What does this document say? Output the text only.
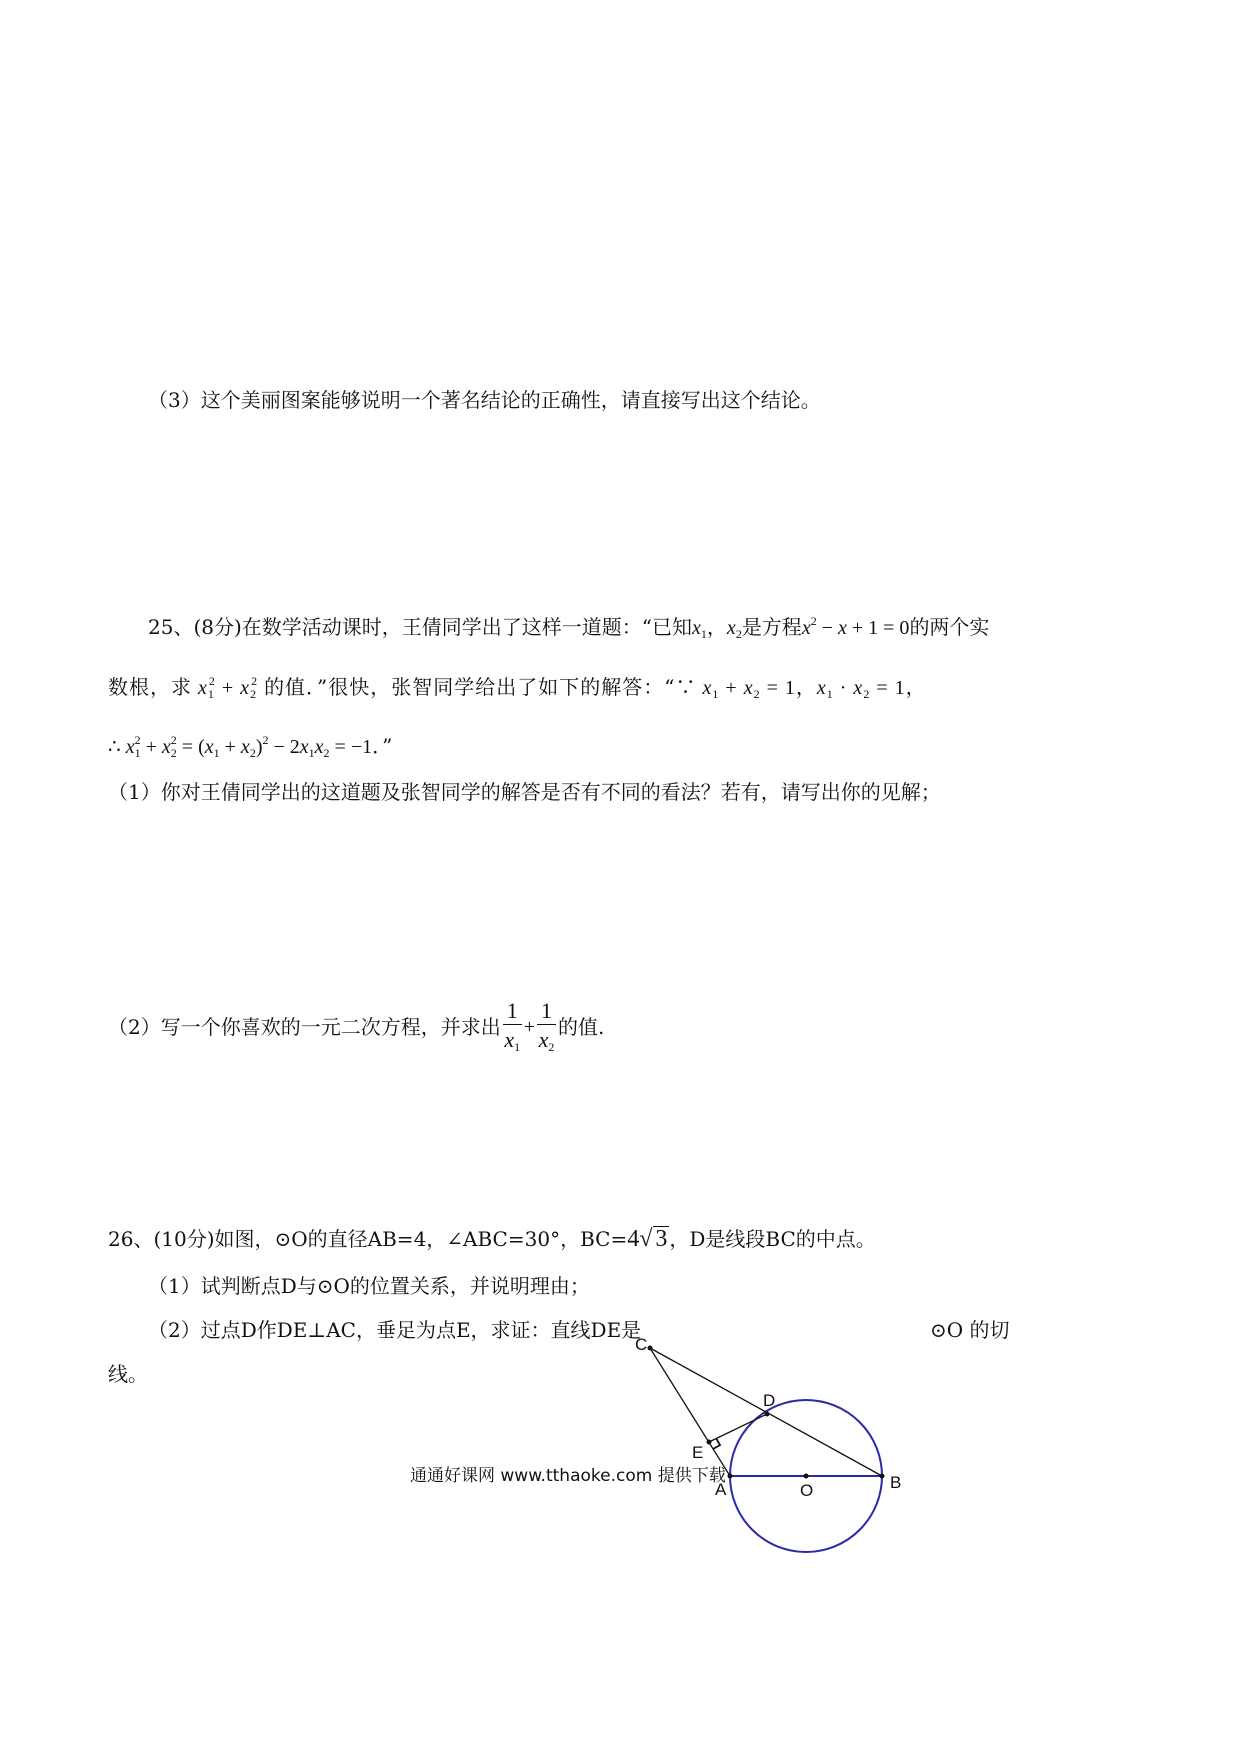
（3）这个美丽图案能够说明一个著名结论的正确性，请直接写出这个结论。
25、(8分)在数学活动课时，王倩同学出了这样一道题：“已知$x_1$，$x_2$是方程$x^2 - x + 1 = 0$的两个实
数根，求 $x_1^2 + x_2^2$ 的值．”很快，张智同学给出了如下的解答：“∵ $x_1 + x_2 = 1$，$x_1 \cdot x_2 = 1$，
∴ $x_1^2 + x_2^2 = (x_1 + x_2)^2 - 2x_1x_2 = -1$．”
（1）你对王倩同学出的这道题及张智同学的解答是否有不同的看法？若有，请写出你的见解；
（2）写一个你喜欢的一元二次方程，并求出 $\frac{1}{x_1} + \frac{1}{x_2}$ 的值.
26、(10分)如图，⊙O的直径AB=4，∠ABC=30°，BC=4√ 3 ，D是线段BC的中点。
（1）试判断点D与⊙O的位置关系，并说明理由；
（2）过点D作DE⊥AC，垂足为点E，求证：直线DE是	⊙O 的切
线。
C
D
E
A	O	B
通通好课网 www.tthaoke.com 提供下载
